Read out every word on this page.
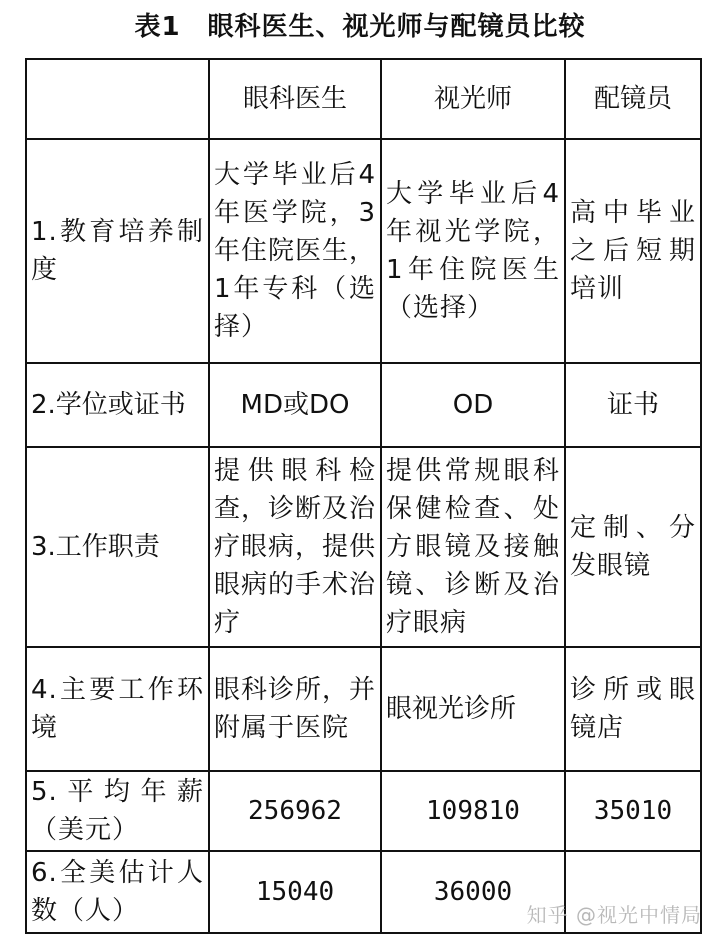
表1　眼科医生、视光师与配镜员比较
	眼科医生	视光师	配镜员
1.教育培养制度	大学毕业后4年医学院，3年住院医生，1年专科（选择）	大学毕业后4年视光学院，1年住院医生（选择）	高中毕业之后短期培训
2.学位或证书	MD或DO	OD	证书
3.工作职责	提供眼科检查，诊断及治疗眼病，提供眼病的手术治疗	提供常规眼科保健检查、处方眼镜及接触镜、诊断及治疗眼病	定制、分发眼镜
4.主要工作环境	眼科诊所，并附属于医院	眼视光诊所	诊所或眼镜店
5.平均年薪（美元）	256962	109810	35010
6.全美估计人数（人）	15040	36000	
知乎 @视光中情局
